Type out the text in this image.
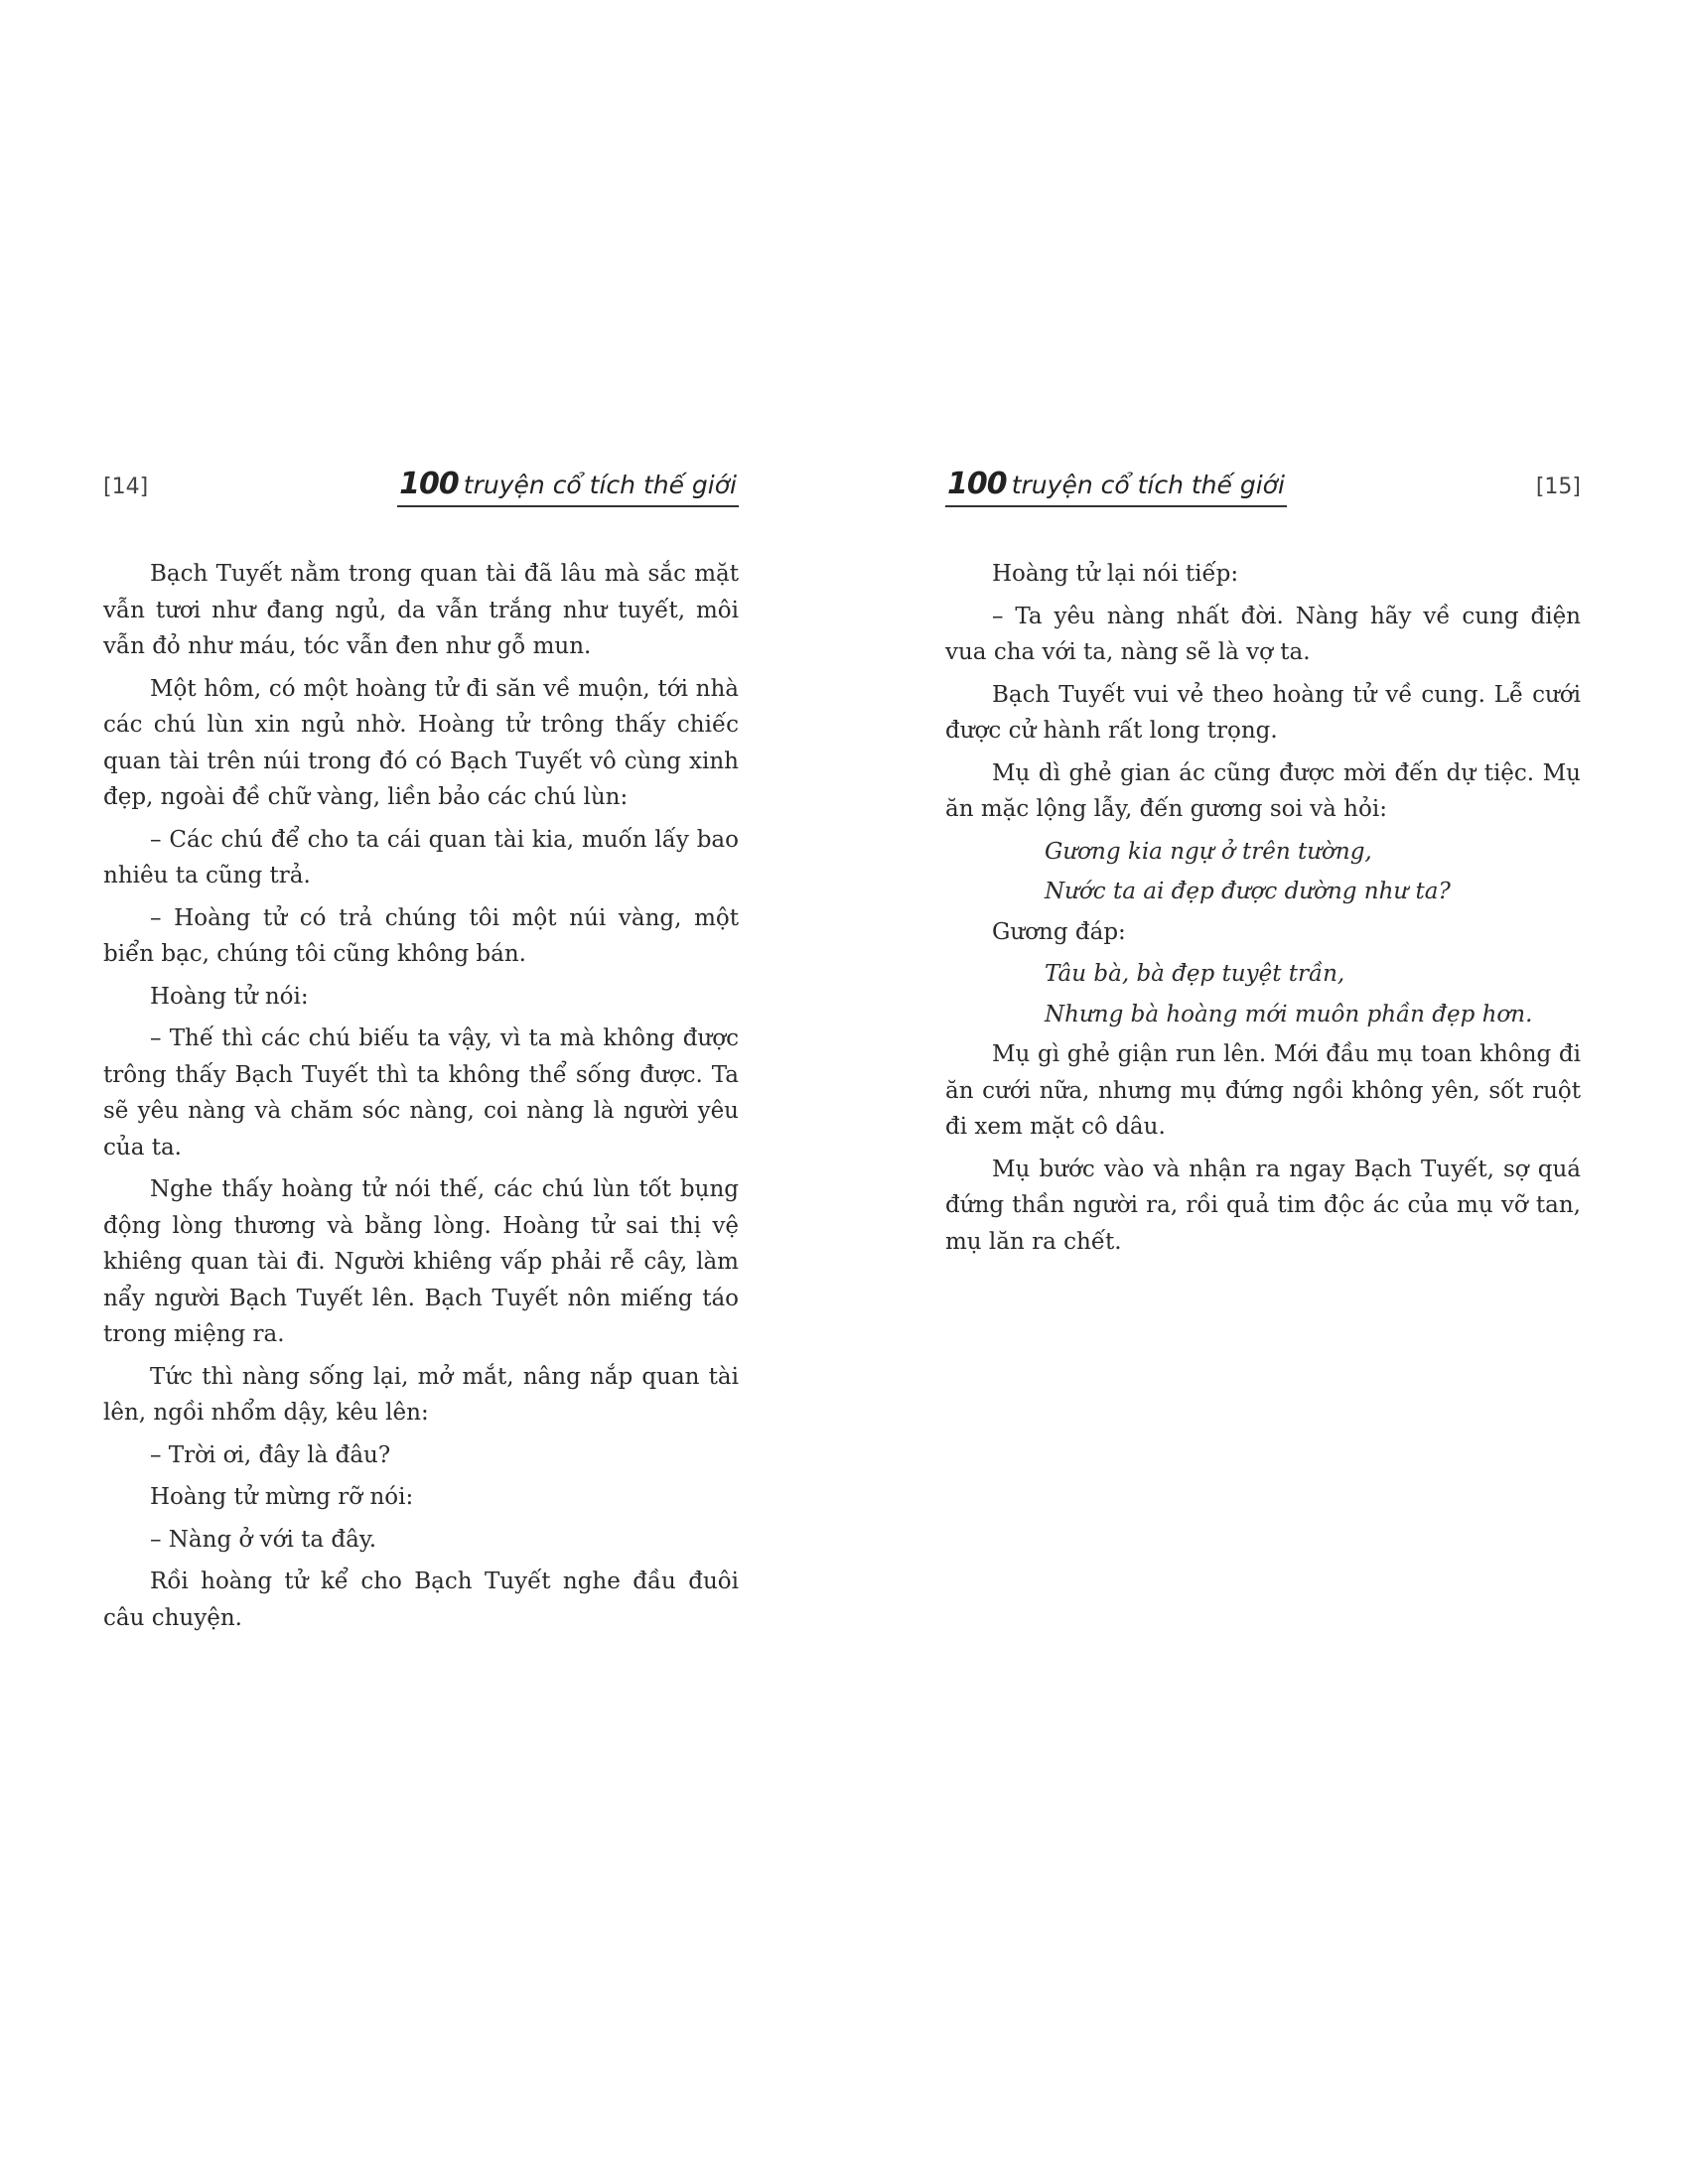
[14]	100 truyện cổ tích thế giới

Bạch Tuyết nằm trong quan tài đã lâu mà sắc mặt vẫn tươi như đang ngủ, da vẫn trắng như tuyết, môi vẫn đỏ như máu, tóc vẫn đen như gỗ mun.

Một hôm, có một hoàng tử đi săn về muộn, tới nhà các chú lùn xin ngủ nhờ. Hoàng tử trông thấy chiếc quan tài trên núi trong đó có Bạch Tuyết vô cùng xinh đẹp, ngoài đề chữ vàng, liền bảo các chú lùn:

– Các chú để cho ta cái quan tài kia, muốn lấy bao nhiêu ta cũng trả.

– Hoàng tử có trả chúng tôi một núi vàng, một biển bạc, chúng tôi cũng không bán.

Hoàng tử nói:

– Thế thì các chú biếu ta vậy, vì ta mà không được trông thấy Bạch Tuyết thì ta không thể sống được. Ta sẽ yêu nàng và chăm sóc nàng, coi nàng là người yêu của ta.

Nghe thấy hoàng tử nói thế, các chú lùn tốt bụng động lòng thương và bằng lòng. Hoàng tử sai thị vệ khiêng quan tài đi. Người khiêng vấp phải rễ cây, làm nẩy người Bạch Tuyết lên. Bạch Tuyết nôn miếng táo trong miệng ra.

Tức thì nàng sống lại, mở mắt, nâng nắp quan tài lên, ngồi nhổm dậy, kêu lên:

– Trời ơi, đây là đâu?

Hoàng tử mừng rỡ nói:

– Nàng ở với ta đây.

Rồi hoàng tử kể cho Bạch Tuyết nghe đầu đuôi câu chuyện.

100 truyện cổ tích thế giới	[15]

Hoàng tử lại nói tiếp:

– Ta yêu nàng nhất đời. Nàng hãy về cung điện vua cha với ta, nàng sẽ là vợ ta.

Bạch Tuyết vui vẻ theo hoàng tử về cung. Lễ cưới được cử hành rất long trọng.

Mụ dì ghẻ gian ác cũng được mời đến dự tiệc. Mụ ăn mặc lộng lẫy, đến gương soi và hỏi:

Gương kia ngự ở trên tường,

Nước ta ai đẹp được dường như ta?

Gương đáp:

Tâu bà, bà đẹp tuyệt trần,

Nhưng bà hoàng mới muôn phần đẹp hơn.

Mụ gì ghẻ giận run lên. Mới đầu mụ toan không đi ăn cưới nữa, nhưng mụ đứng ngồi không yên, sốt ruột đi xem mặt cô dâu.

Mụ bước vào và nhận ra ngay Bạch Tuyết, sợ quá đứng thần người ra, rồi quả tim độc ác của mụ vỡ tan, mụ lăn ra chết.
